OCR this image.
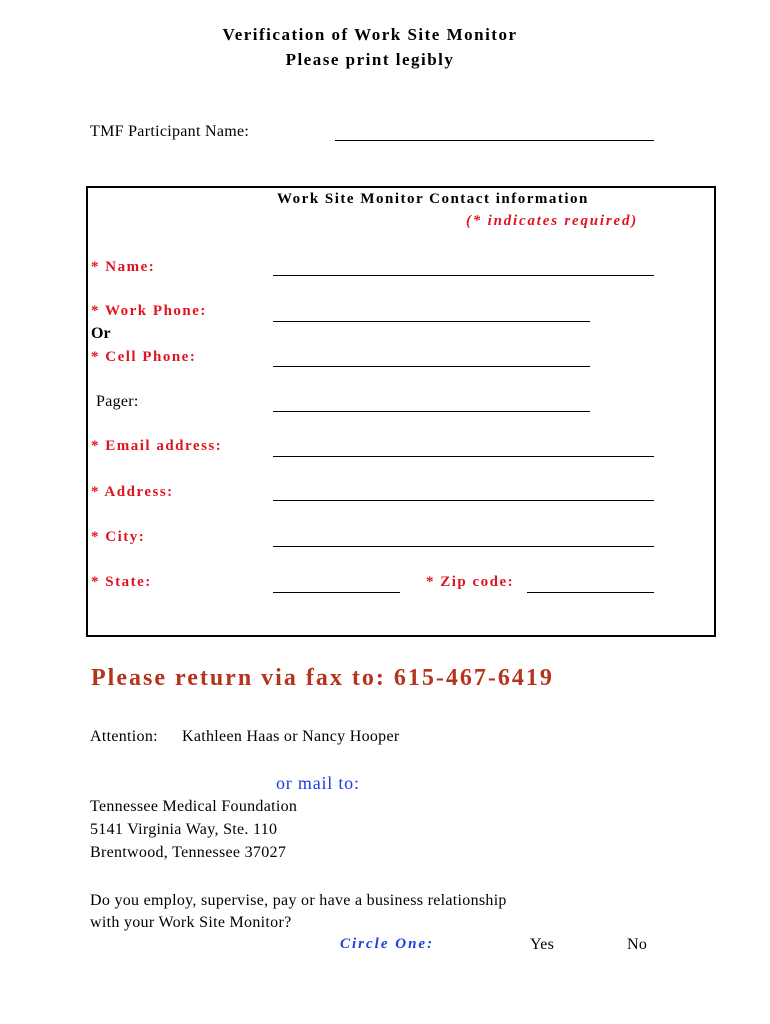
Verification of Work Site Monitor
Please print legibly
TMF Participant Name:
Work Site Monitor Contact information
(* indicates required)
* Name:
* Work Phone:
Or
* Cell Phone:
Pager:
* Email address:
* Address:
* City:
* State:	* Zip code:
Please return via fax to: 615-467-6419
Attention: Kathleen Haas or Nancy Hooper
or mail to:
Tennessee Medical Foundation
5141 Virginia Way, Ste. 110
Brentwood, Tennessee 37027
Do you employ, supervise, pay or have a business relationship
with your Work Site Monitor?
Circle One:	Yes	No
